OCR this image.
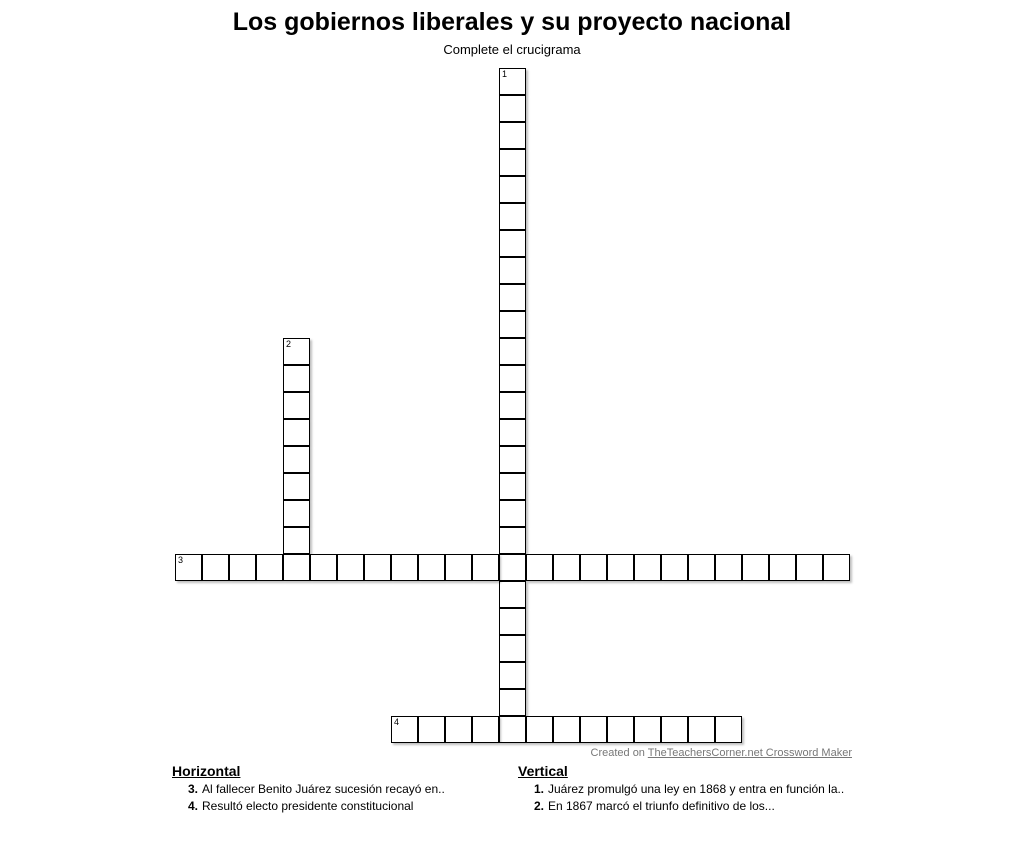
Los gobiernos liberales y su proyecto nacional
Complete el crucigrama
1
2
3
4
Created on TheTeachersCorner.net Crossword Maker
Horizontal
3. Al fallecer Benito Juárez sucesión recayó en..
4. Resultó electo presidente constitucional
Vertical
1. Juárez promulgó una ley en 1868 y entra en función la..
2. En 1867 marcó el triunfo definitivo de los...
